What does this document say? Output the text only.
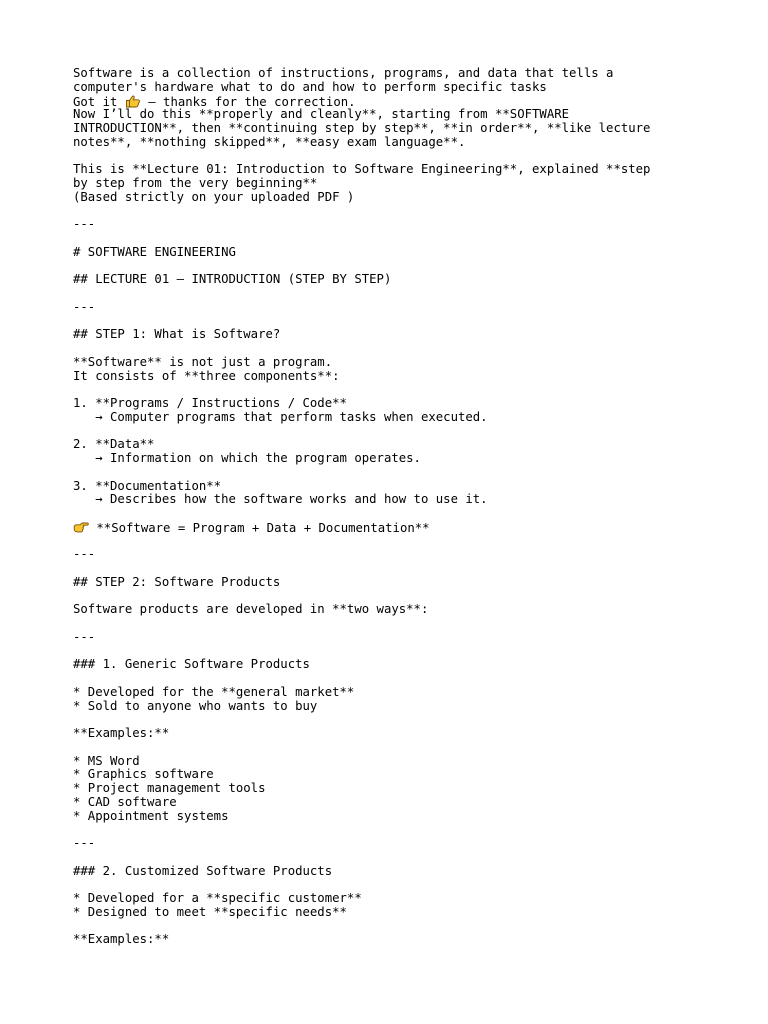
Software is a collection of instructions, programs, and data that tells a
computer's hardware what to do and how to perform specific tasks
Got it
— thanks for the correction.
Now I’ll do this **properly and cleanly**, starting from **SOFTWARE
INTRODUCTION**, then **continuing step by step**, **in order**, **like lecture
notes**, **nothing skipped**, **easy exam language**.
This is **Lecture 01: Introduction to Software Engineering**, explained **step
by step from the very beginning**
(Based strictly on your uploaded PDF )
---
# SOFTWARE ENGINEERING
## LECTURE 01 — INTRODUCTION (STEP BY STEP)
---
## STEP 1: What is Software?
**Software** is not just a program.
It consists of **three components**:
1. **Programs / Instructions / Code**
→ Computer programs that perform tasks when executed.
2. **Data**
→ Information on which the program operates.
3. **Documentation**
→ Describes how the software works and how to use it.
**Software = Program + Data + Documentation**
---
## STEP 2: Software Products
Software products are developed in **two ways**:
---
### 1. Generic Software Products
* Developed for the **general market**
* Sold to anyone who wants to buy
**Examples:**
* MS Word
* Graphics software
* Project management tools
* CAD software
* Appointment systems
---
### 2. Customized Software Products
* Developed for a **specific customer**
* Designed to meet **specific needs**
**Examples:**
